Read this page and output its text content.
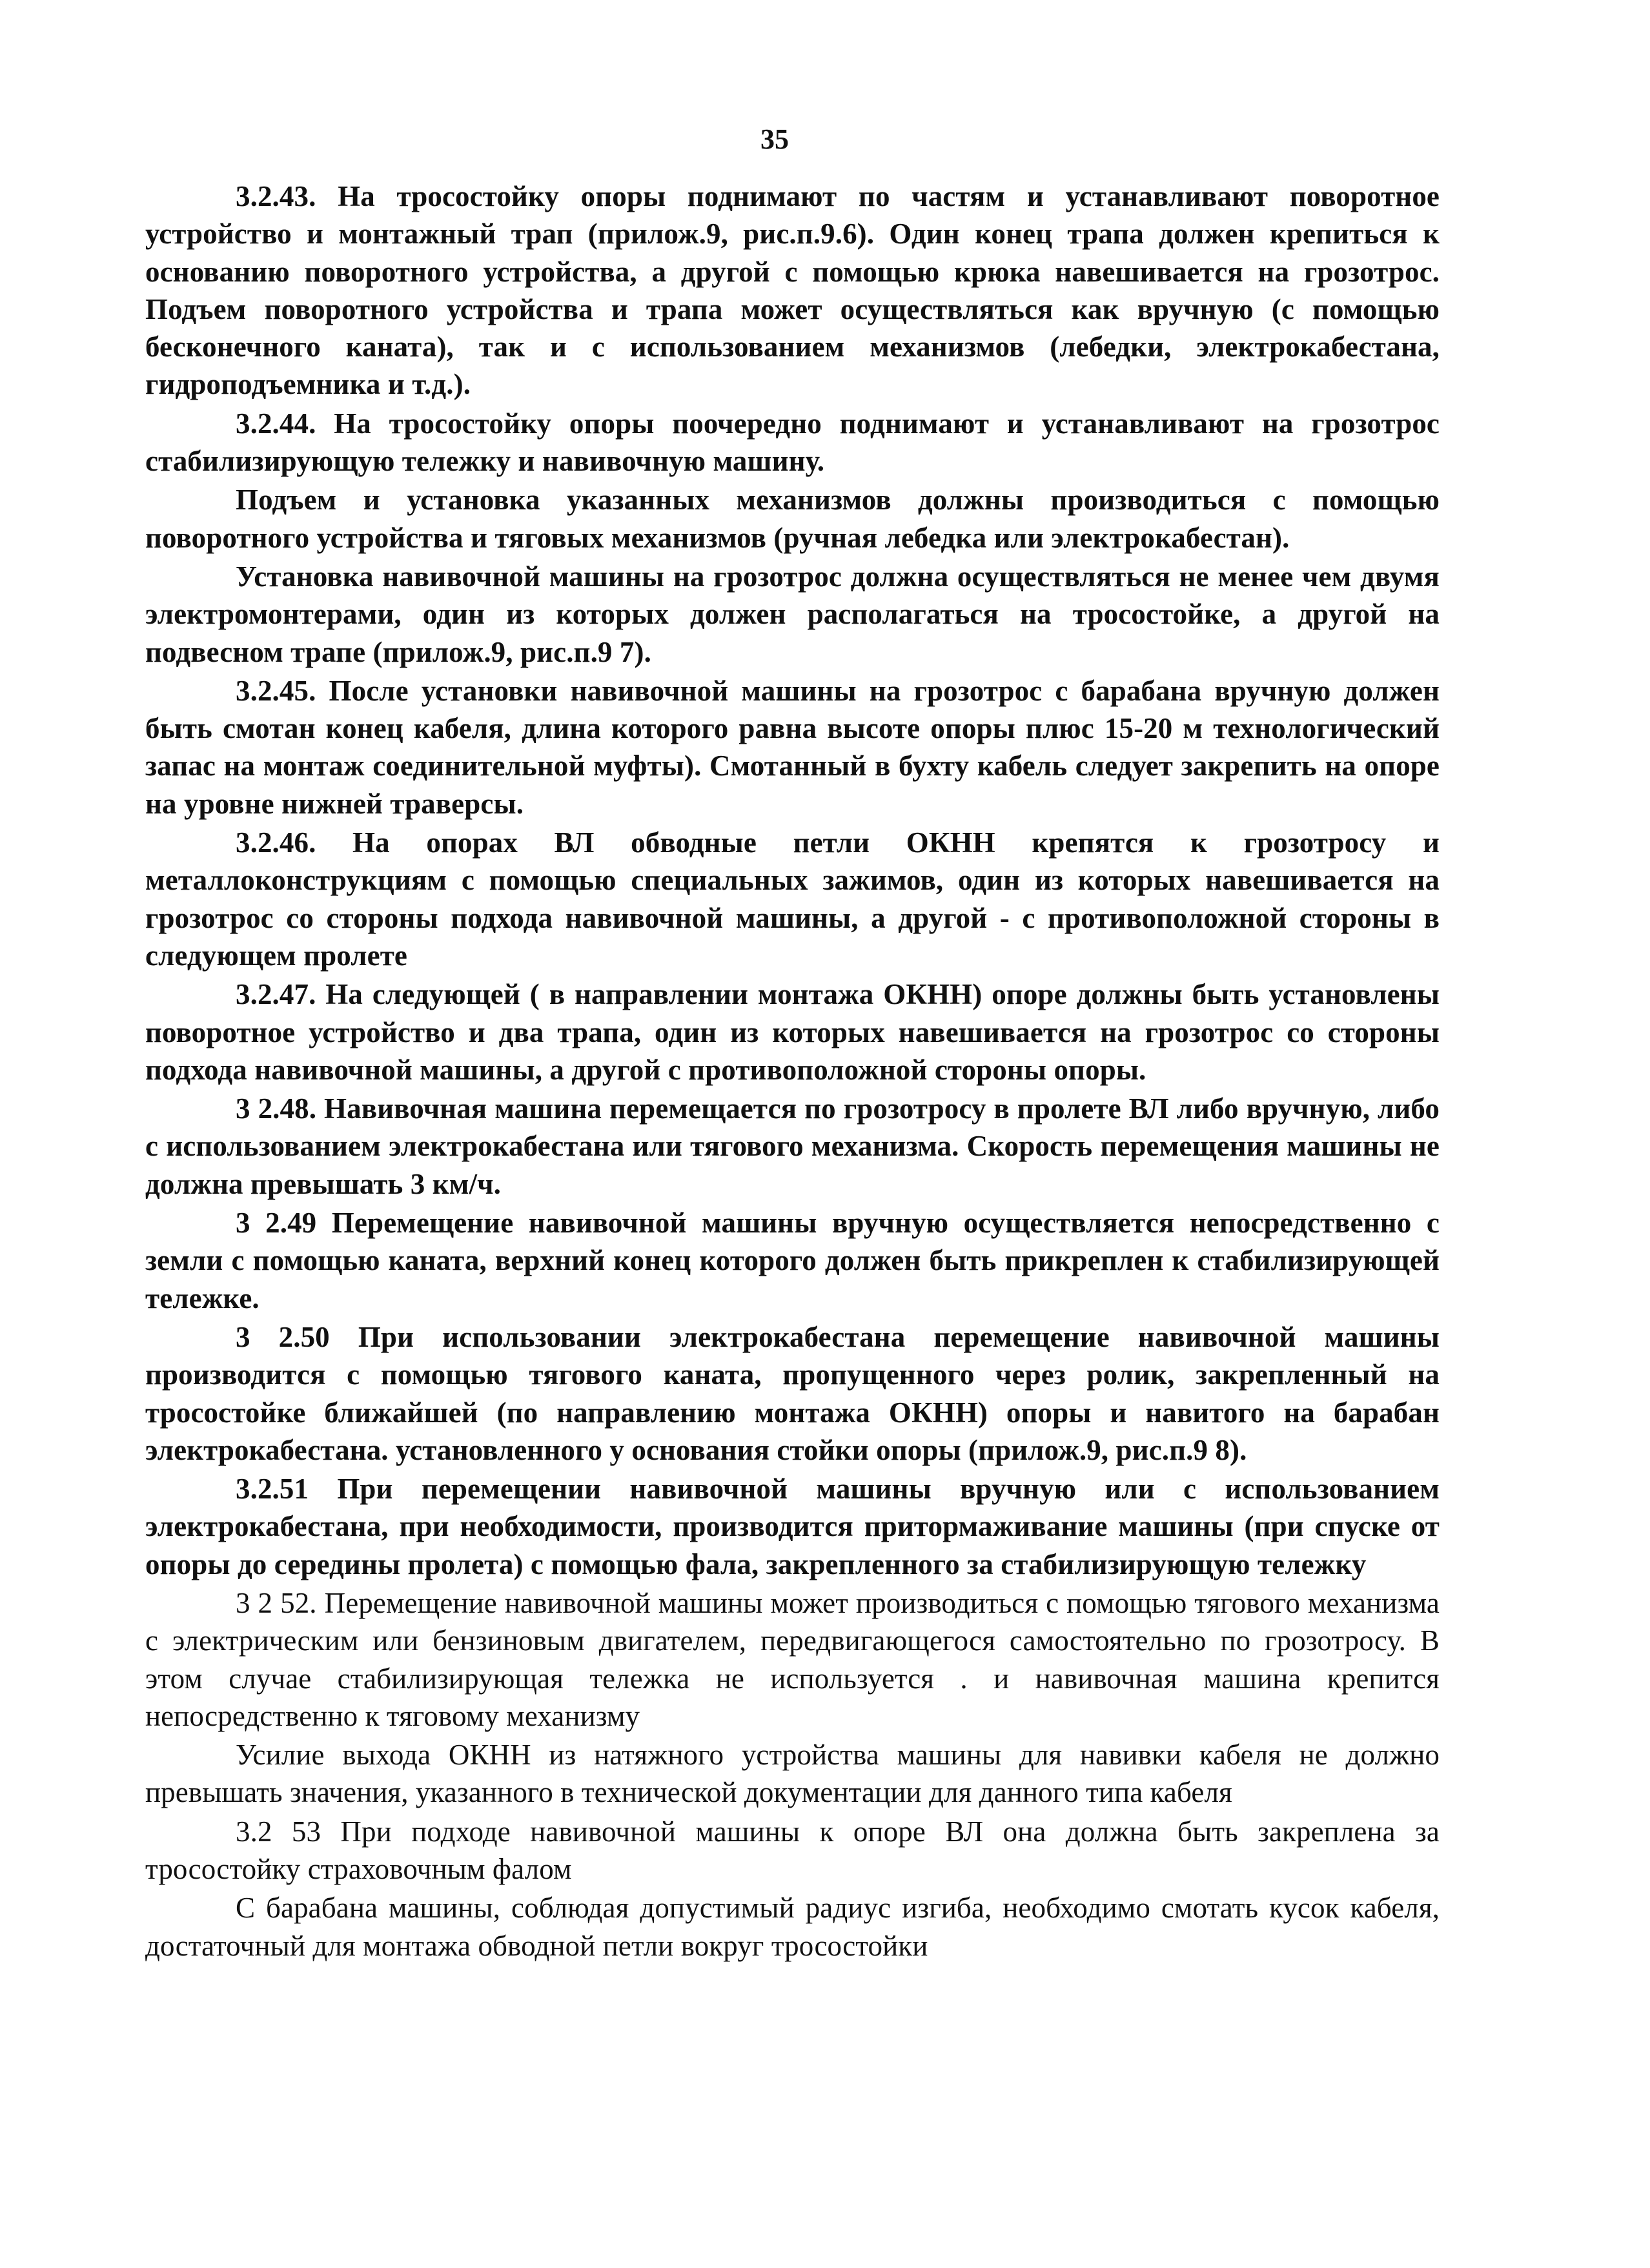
35

3.2.43. На тросостойку опоры поднимают по частям и устанавливают поворотное устройство и монтажный трап (прилож.9, рис.п.9.6). Один конец трапа должен крепиться к основанию поворотного устройства, а другой с помощью крюка навешивается на грозотрос. Подъем поворотного устройства и трапа может осуществляться как вручную (с помощью бесконечного каната), так и с использованием механизмов (лебедки, электрокабестана, гидроподъемника и т.д.).

3.2.44. На тросостойку опоры поочередно поднимают и устанавливают на грозотрос стабилизирующую тележку и навивочную машину.

Подъем и установка указанных механизмов должны производиться с помощью поворотного устройства и тяговых механизмов (ручная лебедка или электрокабестан).

Установка навивочной машины на грозотрос должна осуществляться не менее чем двумя электромонтерами, один из которых должен располагаться на тросостойке, а другой на подвесном трапе (прилож.9, рис.п.9 7).

3.2.45. После установки навивочной машины на грозотрос с барабана вручную должен быть смотан конец кабеля, длина которого равна высоте опоры плюс 15-20 м технологический запас на монтаж соединительной муфты). Смотанный в бухту кабель следует закрепить на опоре на уровне нижней траверсы.

3.2.46. На опорах ВЛ обводные петли ОКНН крепятся к грозотросу и металлоконструкциям с помощью специальных зажимов, один из которых навешивается на грозотрос со стороны подхода навивочной машины, а другой - с противоположной стороны в следующем пролете

3.2.47. На следующей ( в направлении монтажа ОКНН) опоре должны быть установлены поворотное устройство и два трапа, один из которых навешивается на грозотрос со стороны подхода навивочной машины, а другой с противоположной стороны опоры.

3 2.48. Навивочная машина перемещается по грозотросу в пролете ВЛ либо вручную, либо с использованием электрокабестана или тягового механизма. Скорость перемещения машины не должна превышать 3 км/ч.

3 2.49 Перемещение навивочной машины вручную осуществляется непосредственно с земли с помощью каната, верхний конец которого должен быть прикреплен к стабилизирующей тележке.

3 2.50 При использовании электрокабестана перемещение навивочной машины производится с помощью тягового каната, пропущенного через ролик, закрепленный на тросостойке ближайшей (по направлению монтажа ОКНН) опоры и навитого на барабан электрокабестана. установленного у основания стойки опоры (прилож.9, рис.п.9 8).

3.2.51 При перемещении навивочной машины вручную или с использованием электрокабестана, при необходимости, производится притормаживание машины (при спуске от опоры до середины пролета) с помощью фала, закрепленного за стабилизирующую тележку

3 2 52. Перемещение навивочной машины может производиться с помощью тягового механизма с электрическим или бензиновым двигателем, передвигающегося самостоятельно по грозотросу. В этом случае стабилизирующая тележка не используется . и навивочная машина крепится непосредственно к тяговому механизму

Усилие выхода ОКНН из натяжного устройства машины для навивки кабеля не должно превышать значения, указанного в технической документации для данного типа кабеля

3.2 53 При подходе навивочной машины к опоре ВЛ она должна быть закреплена за тросостойку страховочным фалом

С барабана машины, соблюдая допустимый радиус изгиба, необходимо смотать кусок кабеля, достаточный для монтажа обводной петли вокруг тросостойки
